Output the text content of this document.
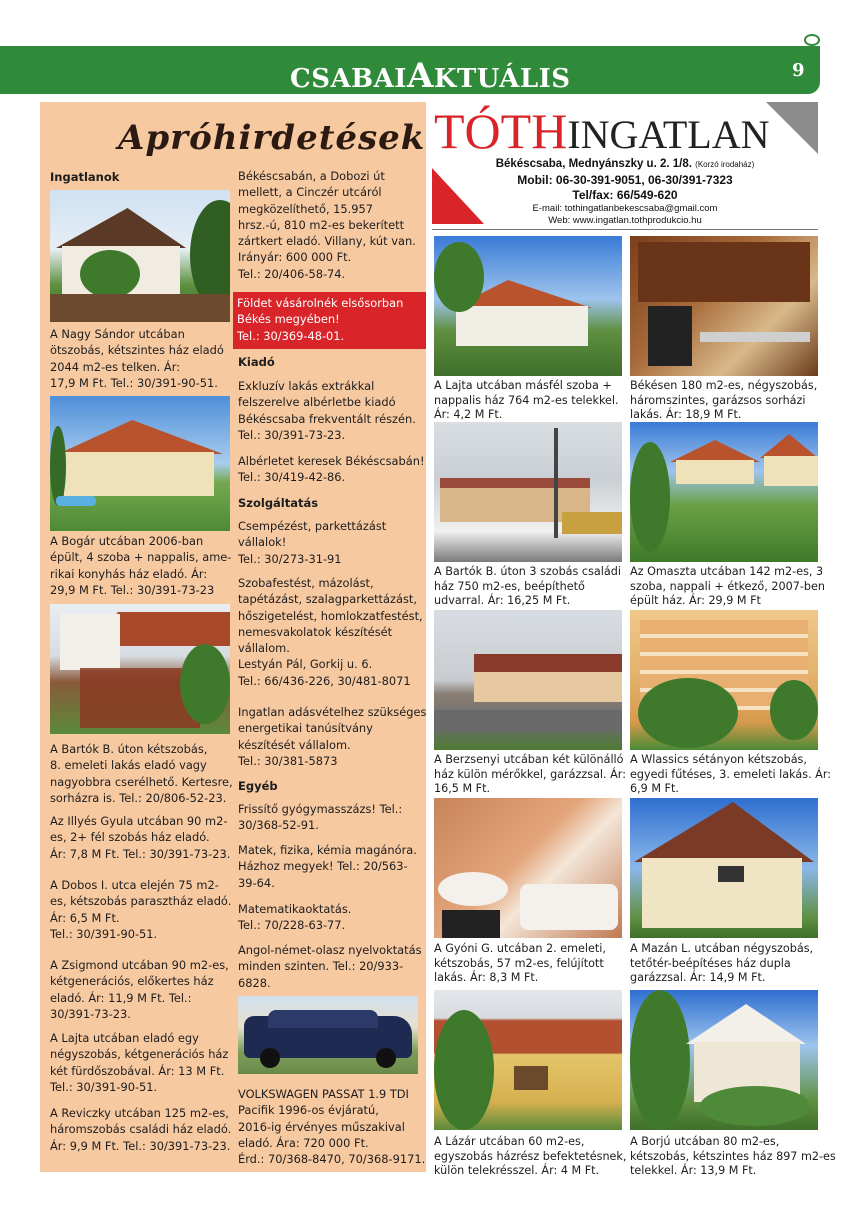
CSABAIAKTUÁLIS	9
Apróhirdetések
Ingatlanok
A Nagy Sándor utcában
ötszobás, kétszintes ház eladó
2044 m2-es telken. Ár:
17,9 M Ft. Tel.: 30/391-90-51.
A Bogár utcában 2006-ban
épült, 4 szoba + nappalis, ame-
rikai konyhás ház eladó. Ár:
29,9 M Ft. Tel.: 30/391-73-23
A Bartók B. úton kétszobás,
8. emeleti lakás eladó vagy
nagyobbra cserélhető. Kertesre,
sorházra is. Tel.: 20/806-52-23.
Az Illyés Gyula utcában 90 m2-
es, 2+ fél szobás ház eladó.
Ár: 7,8 M Ft. Tel.: 30/391-73-23.
A Dobos I. utca elején 75 m2-
es, kétszobás parasztház eladó.
Ár: 6,5 M Ft.
Tel.: 30/391-90-51.
A Zsigmond utcában 90 m2-es,
kétgenerációs, előkertes ház
eladó. Ár: 11,9 M Ft. Tel.:
30/391-73-23.
A Lajta utcában eladó egy
négyszobás, kétgenerációs ház
két fürdőszobával. Ár: 13 M Ft.
Tel.: 30/391-90-51.
A Reviczky utcában 125 m2-es,
háromszobás családi ház eladó.
Ár: 9,9 M Ft. Tel.: 30/391-73-23.
Békéscsabán, a Dobozi út
mellett, a Cinczér utcáról
megközelíthető, 15.957
hrsz.-ú, 810 m2-es bekerített
zártkert eladó. Villany, kút van.
Irányár: 600 000 Ft.
Tel.: 20/406-58-74.
Földet vásárolnék elsősorban
Békés megyében!
Tel.: 30/369-48-01.
Kiadó
Exkluzív lakás extrákkal
felszerelve albérletbe kiadó
Békéscsaba frekventált részén.
Tel.: 30/391-73-23.
Albérletet keresek Békéscsabán!
Tel.: 30/419-42-86.
Szolgáltatás
Csempézést, parkettázást
vállalok!
Tel.: 30/273-31-91
Szobafestést, mázolást,
tapétázást, szalagparkettázást,
hőszigetelést, homlokzatfestést,
nemesvakolatok készítését
vállalom.
Lestyán Pál, Gorkij u. 6.
Tel.: 66/436-226, 30/481-8071
Ingatlan adásvételhez szükséges
energetikai tanúsítvány
készítését vállalom.
Tel.: 30/381-5873
Egyéb
Frissítő gyógymasszázs! Tel.:
30/368-52-91.
Matek, fizika, kémia magánóra.
Házhoz megyek! Tel.: 20/563-
39-64.
Matematikaoktatás.
Tel.: 70/228-63-77.
Angol-német-olasz nyelvoktatás
minden szinten. Tel.: 20/933-
6828.
VOLKSWAGEN PASSAT 1.9 TDI
Pacifik 1996-os évjáratú,
2016-ig érvényes műszakival
eladó. Ára: 720 000 Ft.
Érd.: 70/368-8470, 70/368-9171.
TÓTHINGATLAN
Békéscsaba, Mednyánszky u. 2. 1/8. (Korzó irodaház)
Mobil: 06-30-391-9051, 06-30/391-7323
Tel/fax: 66/549-620
E-mail: tothingatlanbekescsaba@gmail.com
Web: www.ingatlan.tothprodukcio.hu
A Lajta utcában másfél szoba +
nappalis ház 764 m2-es telekkel.
Ár: 4,2 M Ft.
Békésen 180 m2-es, négyszobás,
háromszintes, garázsos sorházi
lakás. Ár: 18,9 M Ft.
A Bartók B. úton 3 szobás családi
ház 750 m2-es, beépíthető
udvarral. Ár: 16,25 M Ft.
Az Omaszta utcában 142 m2-es, 3
szoba, nappali + étkező, 2007-ben
épült ház. Ár: 29,9 M Ft
A Berzsenyi utcában két különálló
ház külön mérőkkel, garázzsal. Ár:
16,5 M Ft.
A Wlassics sétányon kétszobás,
egyedi fűtéses, 3. emeleti lakás. Ár:
6,9 M Ft.
A Gyóni G. utcában 2. emeleti,
kétszobás, 57 m2-es, felújított
lakás. Ár: 8,3 M Ft.
A Mazán L. utcában négyszobás,
tetőtér-beépítéses ház dupla
garázzsal. Ár: 14,9 M Ft.
A Lázár utcában 60 m2-es,
egyszobás házrész befektetésnek,
külön telekrésszel. Ár: 4 M Ft.
A Borjú utcában 80 m2-es,
kétszobás, kétszintes ház 897 m2-es
telekkel. Ár: 13,9 M Ft.
